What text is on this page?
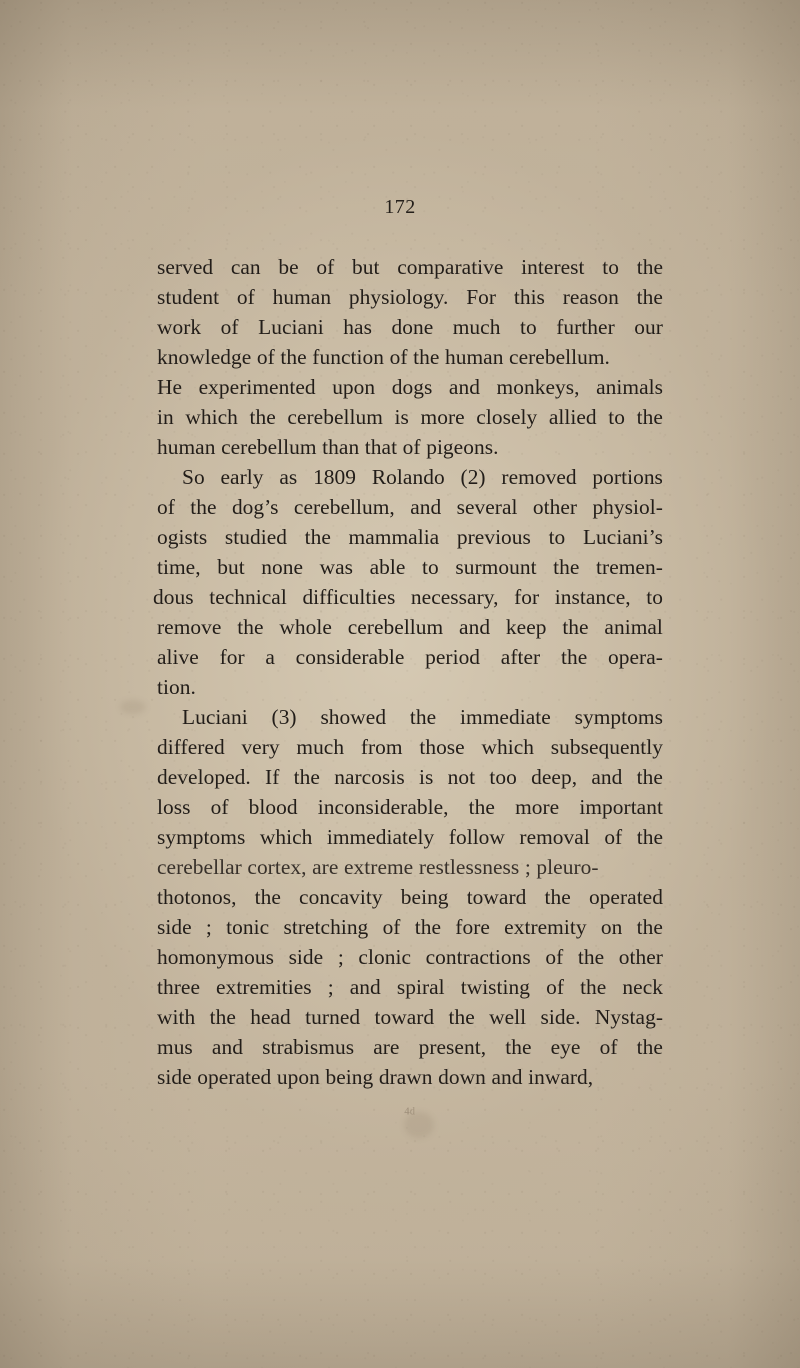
172

served can be of but comparative interest to the
student of human physiology. For this reason the
work of Luciani has done much to further our
knowledge of the function of the human cerebellum.
He experimented upon dogs and monkeys, animals
in which the cerebellum is more closely allied to the
human cerebellum than that of pigeons.

So early as 1809 Rolando (2) removed portions
of the dog’s cerebellum, and several other physiol-
ogists studied the mammalia previous to Luciani’s
time, but none was able to surmount the tremen-
dous technical difficulties necessary, for instance, to
remove the whole cerebellum and keep the animal
alive for a considerable period after the opera-
tion.

Luciani (3) showed the immediate symptoms
differed very much from those which subsequently
developed. If the narcosis is not too deep, and the
loss of blood inconsiderable, the more important
symptoms which immediately follow removal of the
cerebellar cortex, are extreme restlessness ; pleuro-
thotonos, the concavity being toward the operated
side ; tonic stretching of the fore extremity on the
homonymous side ; clonic contractions of the other
three extremities ; and spiral twisting of the neck
with the head turned toward the well side. Nystag-
mus and strabismus are present, the eye of the
side operated upon being drawn down and inward,

⁴ᵈ
